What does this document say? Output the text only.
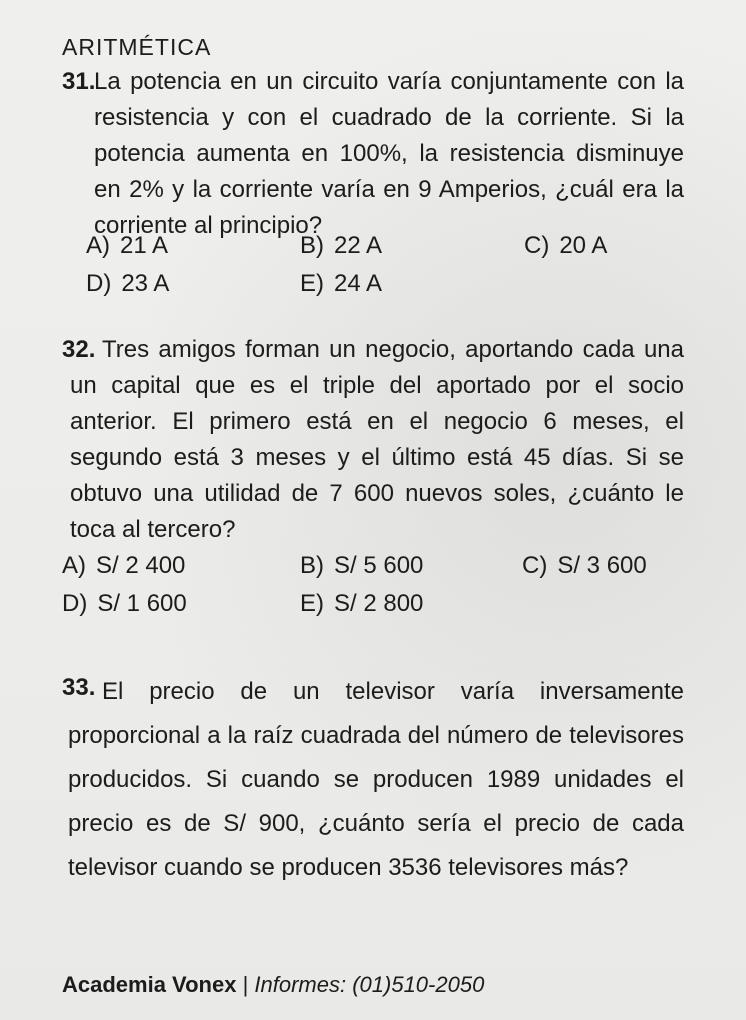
ARITMÉTICA
31.
La potencia en un circuito varía conjuntamente con la resistencia y con el cuadrado de la corriente. Si la potencia aumenta en 100%, la resistencia disminuye en 2% y la corriente varía en 9 Amperios, ¿cuál era la corriente al principio?
A) 21 A	B) 22 A	C) 20 A
D) 23 A	E) 24 A
32. Tres amigos forman un negocio, aportando cada una un capital que es el triple del aportado por el socio anterior. El primero está en el negocio 6 meses, el segundo está 3 meses y el último está 45 días. Si se obtuvo una utilidad de 7 600 nuevos soles, ¿cuánto le toca al tercero?
A) S/ 2 400	B) S/ 5 600	C) S/ 3 600
D) S/ 1 600	E) S/ 2 800
33. El precio de un televisor varía inversamente proporcional a la raíz cuadrada del número de televisores producidos. Si cuando se producen 1989 unidades el precio es de S/ 900, ¿cuánto sería el precio de cada televisor cuando se producen 3536 televisores más?
Academia Vonex | Informes: (01)510-2050
